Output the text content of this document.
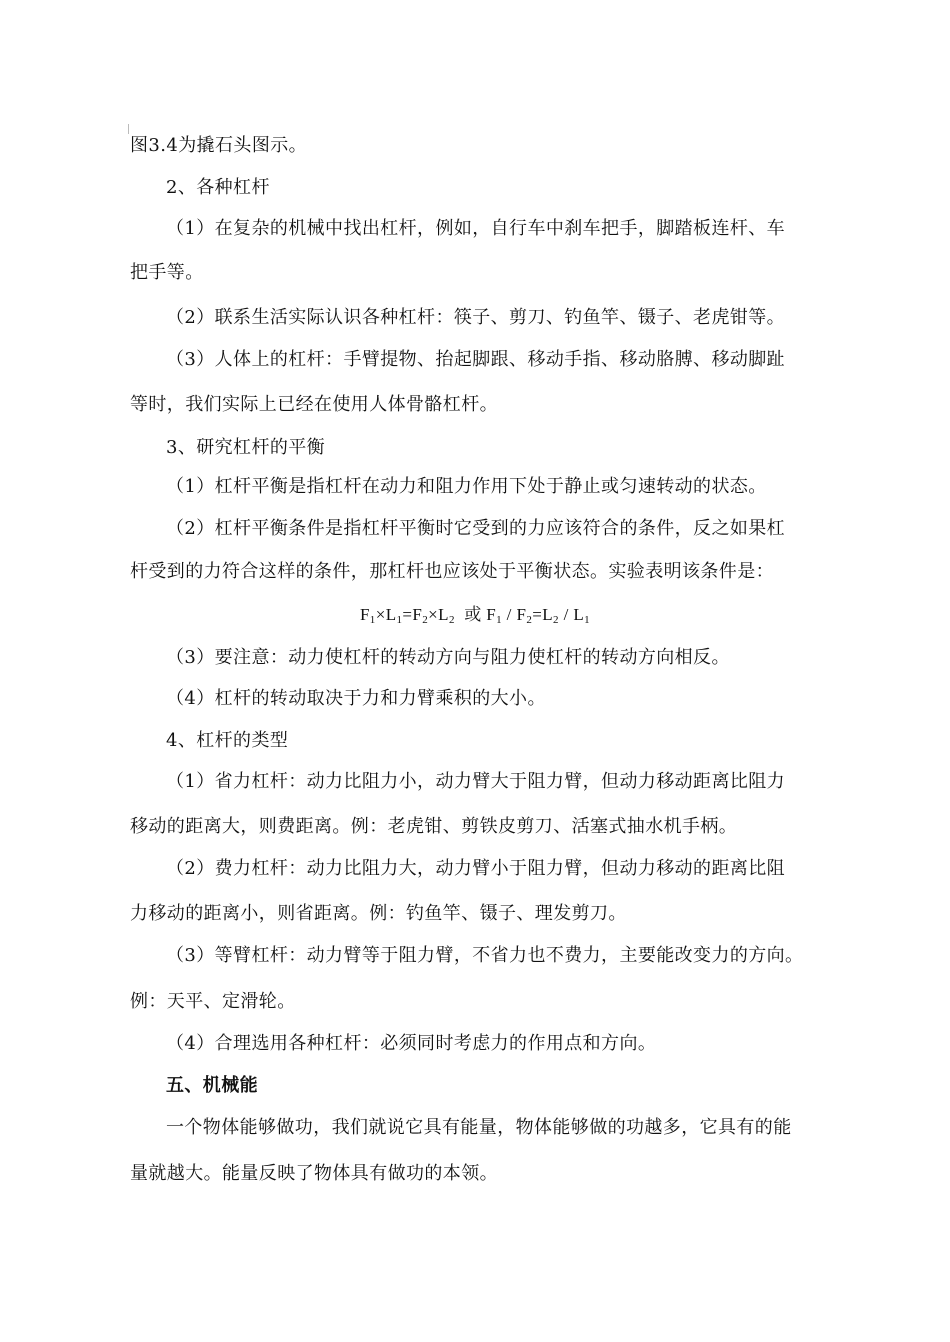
图3.4为撬石头图示。
2、各种杠杆
（1）在复杂的机械中找出杠杆，例如，自行车中刹车把手，脚踏板连杆、车
把手等。
（2）联系生活实际认识各种杠杆：筷子、剪刀、钓鱼竿、镊子、老虎钳等。
（3）人体上的杠杆：手臂提物、抬起脚跟、移动手指、移动胳膊、移动脚趾
等时，我们实际上已经在使用人体骨骼杠杆。
3、研究杠杆的平衡
（1）杠杆平衡是指杠杆在动力和阻力作用下处于静止或匀速转动的状态。
（2）杠杆平衡条件是指杠杆平衡时它受到的力应该符合的条件，反之如果杠
杆受到的力符合这样的条件，那杠杆也应该处于平衡状态。实验表明该条件是：
$F_1\times L_1=F_2\times L_2$ 或 $F_1 / F_2=L_2 / L_1$
（3）要注意：动力使杠杆的转动方向与阻力使杠杆的转动方向相反。
（4）杠杆的转动取决于力和力臂乘积的大小。
4、杠杆的类型
（1）省力杠杆：动力比阻力小，动力臂大于阻力臂，但动力移动距离比阻力
移动的距离大，则费距离。例：老虎钳、剪铁皮剪刀、活塞式抽水机手柄。
（2）费力杠杆：动力比阻力大，动力臂小于阻力臂，但动力移动的距离比阻
力移动的距离小，则省距离。例：钓鱼竿、镊子、理发剪刀。
（3）等臂杠杆：动力臂等于阻力臂，不省力也不费力，主要能改变力的方向。
例：天平、定滑轮。
（4）合理选用各种杠杆：必须同时考虑力的作用点和方向。
五、机械能
一个物体能够做功，我们就说它具有能量，物体能够做的功越多，它具有的能
量就越大。能量反映了物体具有做功的本领。
